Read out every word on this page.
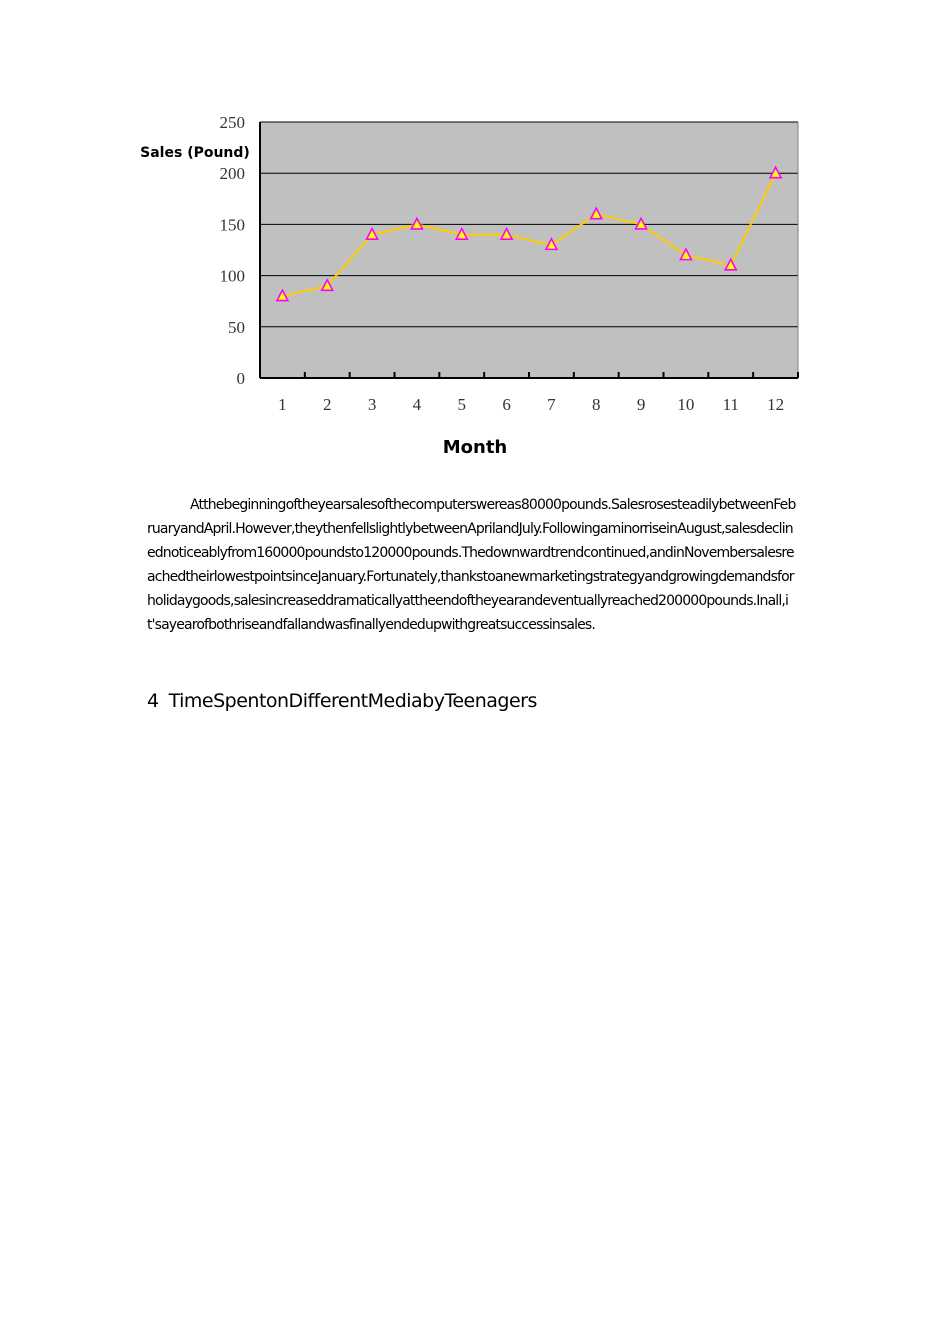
0
50
100
150
200
250
1 2 3 4 5 6 7 8 9 10 11 12
Sales (Pound)
Month

Atthebeginningoftheyearsalesofthecomputerswereas80000pounds.SalesrosesteadilybetweenFebruaryandApril.However,theythenfellslightlybetweenAprilandJuly.FollowingaminorriseinAugust,salesdeclinednoticeablyfrom160000poundsto120000pounds.Thedownwardtrendcontinued,andinNovembersalesreachedtheirlowestpointsinceJanuary.Fortunately,thankstoanewmarketingstrategyandgrowingdemandsforholidaygoods,salesincreaseddramaticallyattheendoftheyearandeventuallyreached200000pounds.Inall,it'sayearofbothriseandfallandwasfinallyendedupwithgreatsuccessinsales.

4 TimeSpentonDifferentMediabyTeenagers
